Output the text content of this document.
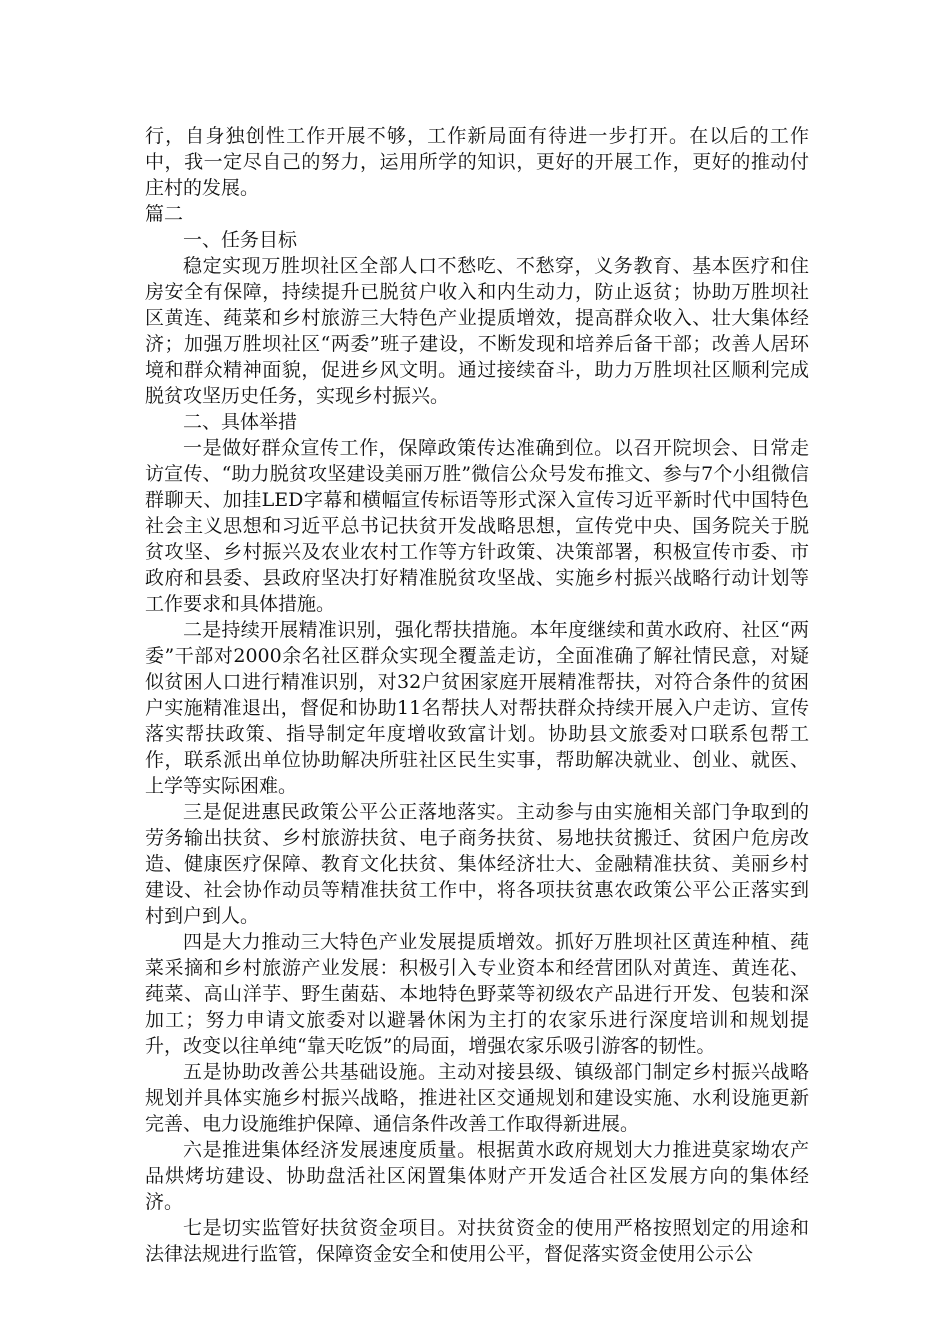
行，自身独创性工作开展不够，工作新局面有待进一步打开。在以后的工作中，我一定尽自己的努力，运用所学的知识，更好的开展工作，更好的推动付庄村的发展。

篇二

一、任务目标

稳定实现万胜坝社区全部人口不愁吃、不愁穿，义务教育、基本医疗和住房安全有保障，持续提升已脱贫户收入和内生动力，防止返贫；协助万胜坝社区黄连、莼菜和乡村旅游三大特色产业提质增效，提高群众收入、壮大集体经济；加强万胜坝社区“两委”班子建设，不断发现和培养后备干部；改善人居环境和群众精神面貌，促进乡风文明。通过接续奋斗，助力万胜坝社区顺利完成脱贫攻坚历史任务，实现乡村振兴。

二、具体举措

一是做好群众宣传工作，保障政策传达准确到位。以召开院坝会、日常走访宣传、“助力脱贫攻坚建设美丽万胜”微信公众号发布推文、参与7个小组微信群聊天、加挂LED字幕和横幅宣传标语等形式深入宣传习近平新时代中国特色社会主义思想和习近平总书记扶贫开发战略思想，宣传党中央、国务院关于脱贫攻坚、乡村振兴及农业农村工作等方针政策、决策部署，积极宣传市委、市政府和县委、县政府坚决打好精准脱贫攻坚战、实施乡村振兴战略行动计划等工作要求和具体措施。

二是持续开展精准识别，强化帮扶措施。本年度继续和黄水政府、社区“两委”干部对2000余名社区群众实现全覆盖走访，全面准确了解社情民意，对疑似贫困人口进行精准识别，对32户贫困家庭开展精准帮扶，对符合条件的贫困户实施精准退出，督促和协助11名帮扶人对帮扶群众持续开展入户走访、宣传落实帮扶政策、指导制定年度增收致富计划。协助县文旅委对口联系包帮工作，联系派出单位协助解决所驻社区民生实事，帮助解决就业、创业、就医、上学等实际困难。

三是促进惠民政策公平公正落地落实。主动参与由实施相关部门争取到的劳务输出扶贫、乡村旅游扶贫、电子商务扶贫、易地扶贫搬迁、贫困户危房改造、健康医疗保障、教育文化扶贫、集体经济壮大、金融精准扶贫、美丽乡村建设、社会协作动员等精准扶贫工作中，将各项扶贫惠农政策公平公正落实到村到户到人。

四是大力推动三大特色产业发展提质增效。抓好万胜坝社区黄连种植、莼菜采摘和乡村旅游产业发展：积极引入专业资本和经营团队对黄连、黄连花、莼菜、高山洋芋、野生菌菇、本地特色野菜等初级农产品进行开发、包装和深加工；努力申请文旅委对以避暑休闲为主打的农家乐进行深度培训和规划提升，改变以往单纯“靠天吃饭”的局面，增强农家乐吸引游客的韧性。

五是协助改善公共基础设施。主动对接县级、镇级部门制定乡村振兴战略规划并具体实施乡村振兴战略，推进社区交通规划和建设实施、水利设施更新完善、电力设施维护保障、通信条件改善工作取得新进展。

六是推进集体经济发展速度质量。根据黄水政府规划大力推进莫家坳农产品烘烤坊建设、协助盘活社区闲置集体财产开发适合社区发展方向的集体经济。

七是切实监管好扶贫资金项目。对扶贫资金的使用严格按照划定的用途和法律法规进行监管，保障资金安全和使用公平，督促落实资金使用公示公
